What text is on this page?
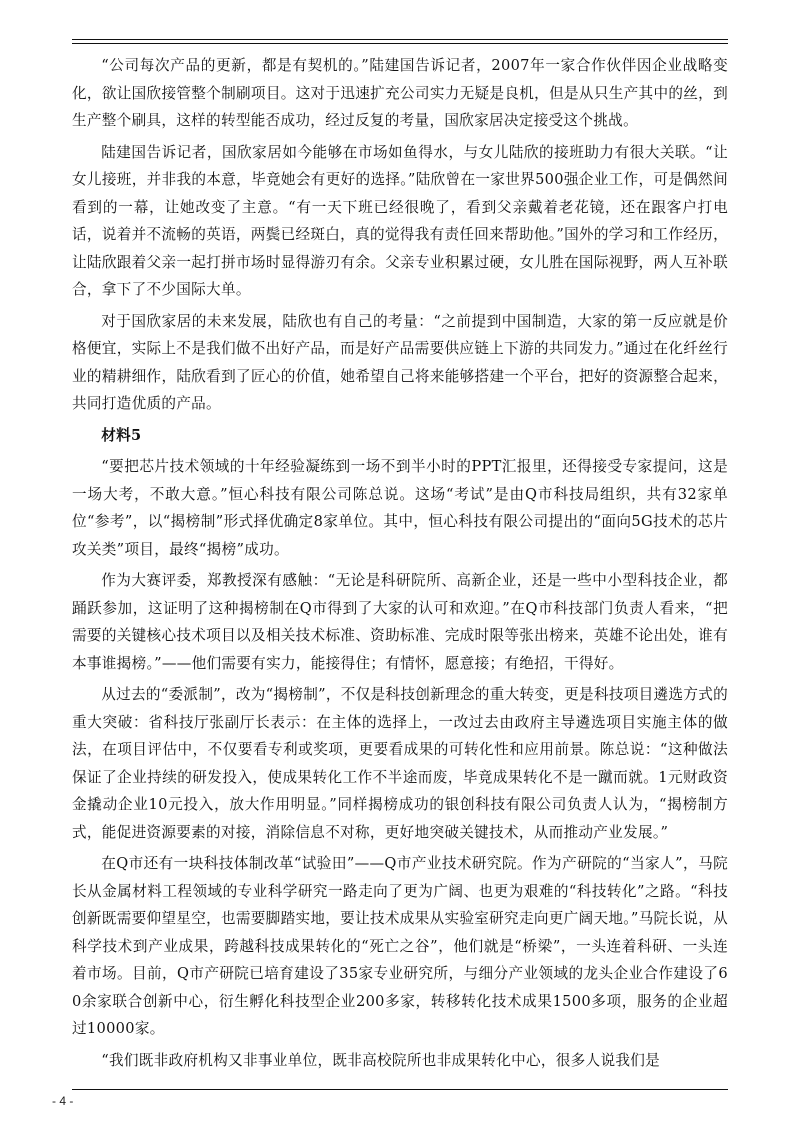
“公司每次产品的更新，都是有契机的。”陆建国告诉记者，2007年一家合作伙伴因企业战略变化，欲让国欣接管整个制刷项目。这对于迅速扩充公司实力无疑是良机，但是从只生产其中的丝，到生产整个刷具，这样的转型能否成功，经过反复的考量，国欣家居决定接受这个挑战。

陆建国告诉记者，国欣家居如今能够在市场如鱼得水，与女儿陆欣的接班助力有很大关联。“让女儿接班，并非我的本意，毕竟她会有更好的选择。”陆欣曾在一家世界500强企业工作，可是偶然间看到的一幕，让她改变了主意。“有一天下班已经很晚了，看到父亲戴着老花镜，还在跟客户打电话，说着并不流畅的英语，两鬓已经斑白，真的觉得我有责任回来帮助他。”国外的学习和工作经历，让陆欣跟着父亲一起打拼市场时显得游刃有余。父亲专业积累过硬，女儿胜在国际视野，两人互补联合，拿下了不少国际大单。

对于国欣家居的未来发展，陆欣也有自己的考量：“之前提到中国制造，大家的第一反应就是价格便宜，实际上不是我们做不出好产品，而是好产品需要供应链上下游的共同发力。”通过在化纤丝行业的精耕细作，陆欣看到了匠心的价值，她希望自己将来能够搭建一个平台，把好的资源整合起来，共同打造优质的产品。

材料5

“要把芯片技术领域的十年经验凝练到一场不到半小时的PPT汇报里，还得接受专家提问，这是一场大考，不敢大意。”恒心科技有限公司陈总说。这场“考试”是由Q市科技局组织，共有32家单位“参考”，以“揭榜制”形式择优确定8家单位。其中，恒心科技有限公司提出的“面向5G技术的芯片攻关类”项目，最终“揭榜”成功。

作为大赛评委，郑教授深有感触：“无论是科研院所、高新企业，还是一些中小型科技企业，都踊跃参加，这证明了这种揭榜制在Q市得到了大家的认可和欢迎。”在Q市科技部门负责人看来，“把需要的关键核心技术项目以及相关技术标准、资助标准、完成时限等张出榜来，英雄不论出处，谁有本事谁揭榜。”——他们需要有实力，能接得住；有情怀，愿意接；有绝招，干得好。

从过去的“委派制”，改为“揭榜制”，不仅是科技创新理念的重大转变，更是科技项目遴选方式的重大突破：省科技厅张副厅长表示：在主体的选择上，一改过去由政府主导遴选项目实施主体的做法，在项目评估中，不仅要看专利或奖项，更要看成果的可转化性和应用前景。陈总说：“这种做法保证了企业持续的研发投入，使成果转化工作不半途而废，毕竟成果转化不是一蹴而就。1元财政资金撬动企业10元投入，放大作用明显。”同样揭榜成功的银创科技有限公司负责人认为，“揭榜制方式，能促进资源要素的对接，消除信息不对称，更好地突破关键技术，从而推动产业发展。”

在Q市还有一块科技体制改革“试验田”——Q市产业技术研究院。作为产研院的“当家人”，马院长从金属材料工程领域的专业科学研究一路走向了更为广阔、也更为艰难的“科技转化”之路。“科技创新既需要仰望星空，也需要脚踏实地，要让技术成果从实验室研究走向更广阔天地。”马院长说，从科学技术到产业成果，跨越科技成果转化的“死亡之谷”，他们就是“桥梁”，一头连着科研、一头连着市场。目前，Q市产研院已培育建设了35家专业研究所，与细分产业领域的龙头企业合作建设了60余家联合创新中心，衍生孵化科技型企业200多家，转移转化技术成果1500多项，服务的企业超过10000家。

“我们既非政府机构又非事业单位，既非高校院所也非成果转化中心，很多人说我们是

- 4 -
